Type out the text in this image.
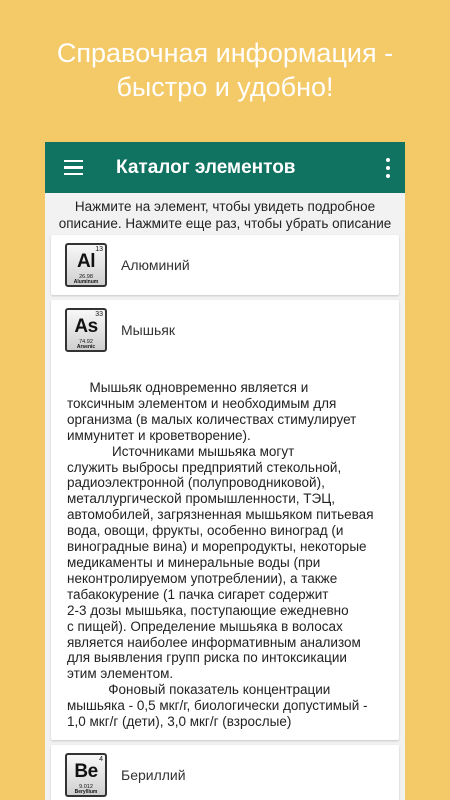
Справочная информация -
быстро и удобно!
Каталог элементов
Нажмите на элемент, чтобы увидеть подробное
описание. Нажмите еще раз, чтобы убрать описание
13
Al
26.98
Aluminum
Алюминий
33
As
74.92
Arsenic
Мышьяк
Мышьяк одновременно является и
токсичным элементом и необходимым для
организма (в малых количествах стимулирует
иммунитет и кроветворение).
Источниками мышьяка могут
служить выбросы предприятий стекольной,
радиоэлектронной (полупроводниковой),
металлургической промышленности, ТЭЦ,
автомобилей, загрязненная мышьяком питьевая
вода, овощи, фрукты, особенно виноград (и
виноградные вина) и морепродукты, некоторые
медикаменты и минеральные воды (при
неконтролируемом употреблении), а также
табакокурение (1 пачка сигарет содержит
2-3 дозы мышьяка, поступающие ежедневно
с пищей). Определение мышьяка в волосах
является наиболее информативным анализом
для выявления групп риска по интоксикации
этим элементом.
Фоновый показатель концентрации
мышьяка - 0,5 мкг/г, биологически допустимый -
1,0 мкг/г (дети), 3,0 мкг/г (взрослые)
4
Be
9.012
Beryllium
Бериллий
